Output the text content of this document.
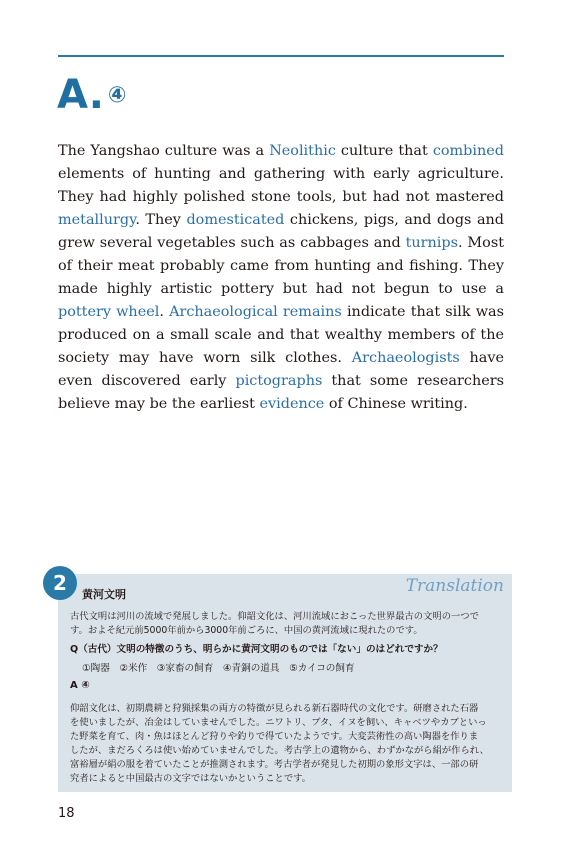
A. ④
The Yangshao culture was a Neolithic culture that combined elements of hunting and gathering with early agriculture. They had highly polished stone tools, but had not mastered metallurgy. They domesticated chickens, pigs, and dogs and grew several vegetables such as cabbages and turnips. Most of their meat probably came from hunting and fishing. They made highly artistic pottery but had not begun to use a pottery wheel. Archaeological remains indicate that silk was produced on a small scale and that wealthy members of the society may have worn silk clothes. Archaeologists have even discovered early pictographs that some researchers believe may be the earliest evidence of Chinese writing.
Translation
黄河文明
古代文明は河川の流域で発展しました。仰韶文化は、河川流域におこった世界最古の文明の一つで
す。およそ紀元前5000年前から3000年前ごろに、中国の黄河流域に現れたのです。
Q（古代）文明の特徴のうち、明らかに黄河文明のものでは「ない」のはどれですか？
①陶器　②米作　③家畜の飼育　④青銅の道具　⑤カイコの飼育
A ④
仰韶文化は、初期農耕と狩猟採集の両方の特徴が見られる新石器時代の文化です。研磨された石器
を使いましたが、冶金はしていませんでした。ニワトリ、ブタ、イヌを飼い、キャベツやカブといっ
た野菜を育て、肉・魚はほとんど狩りや釣りで得ていたようです。大変芸術性の高い陶器を作りま
したが、まだろくろは使い始めていませんでした。考古学上の遺物から、わずかながら絹が作られ、
富裕層が絹の服を着ていたことが推測されます。考古学者が発見した初期の象形文字は、一部の研
究者によると中国最古の文字ではないかということです。
2
18
